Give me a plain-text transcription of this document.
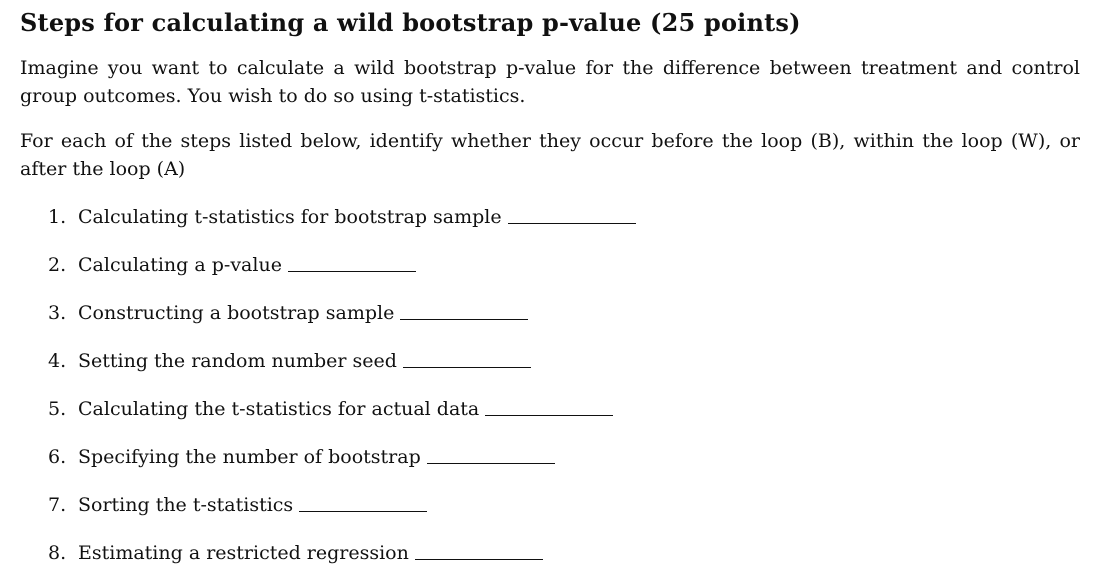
Steps for calculating a wild bootstrap p-value (25 points)
Imagine you want to calculate a wild bootstrap p-value for the difference between treatment and control group outcomes. You wish to do so using t-statistics.
For each of the steps listed below, identify whether they occur before the loop (B), within the loop (W), or after the loop (A)
1. Calculating t-statistics for bootstrap sample
2. Calculating a p-value
3. Constructing a bootstrap sample
4. Setting the random number seed
5. Calculating the t-statistics for actual data
6. Specifying the number of bootstrap
7. Sorting the t-statistics
8. Estimating a restricted regression
